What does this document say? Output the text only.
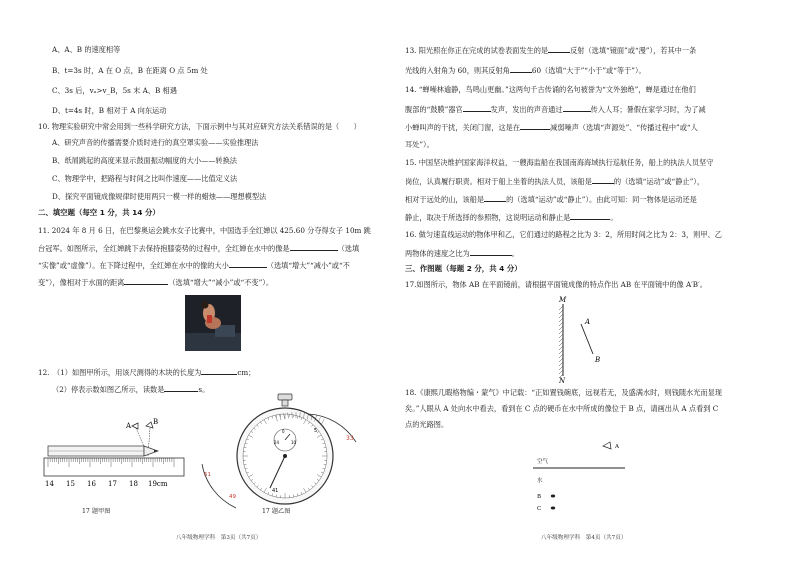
A、A、B 的速度相等
B、t=3s 时，A 在 O 点，B 在距离 O 点 5m 处
C、3s 后，vₐ>v_B，5s 末 A、B 相遇
D、t=4s 时，B 相对于 A 向东运动
10. 物理实验研究中常会用到一些科学研究方法，下面示例中与其对应研究方法关系错误的是（　　）
A、研究声音的传播需要介质时进行的真空罩实验——实验推理法
B、纸屑跳起的高度来显示鼓面振动幅度的大小——转换法
C、物理学中，把路程与时间之比叫作速度——比值定义法
D、探究平面镜成像规律时使用两只一模一样的蜡烛——理想模型法
二、填空题（每空 1 分，共 14 分）
11. 2024 年 8 月 6 日，在巴黎奥运会跳水女子比赛中，中国选手全红婵以 425.60 分夺得女子 10m 跳
台冠军。如图所示，全红婵跳下去保持抱膝姿势的过程中，全红婵在水中的像是	（选填
“实像”或“虚像”）。在下降过程中，全红婵在水中的像的大小	（选填“增大”“减小”或“不
变”），像相对于水面的距离	（选填“增大”“减小”或“不变”）。
12.　（1）如图甲所示，用该尺测得的木块的长度为	cm；
（2）停表示数如图乙所示，读数是	s。
A	B
14 15 16 17 18 19cm
0
10
24
33
51
49
41
5
17 题甲图	17 题乙图
八年级物理学科　第3页（共7页）
13. 阳光照在你正在完成的试卷表面发生的是	反射（选填“镜面”或“漫”），若其中一条
光线的入射角为 60，则其反射角	60（选填“大于”“小于”或“等于”）。
14. “蝉噪林逾静，鸟鸣山更幽。”这两句千古传诵的名句被誉为“文外独绝”，蝉是通过在他们
腹部的“鼓膜”器官	发声，发出的声音通过	传入人耳；暑假在家学习时，为了减
小蝉叫声的干扰，关闭门窗，这是在	减弱噪声（选填“声源处”、“传播过程中”或“人
耳处”）。
15. 中国坚决维护国家海洋权益，一艘海监船在我国南海海域执行巡航任务，船上的执法人员坚守
岗位，认真履行职责。相对于船上坐着的执法人员，该船是	的（选填“运动”或“静止”），
相对于远处的山，该船是	的（选填“运动”或“静止”）。由此可知：同一物体是运动还是
静止，取决于所选择的参照物，这说明运动和静止是	。
16. 做匀速直线运动的物体甲和乙，它们通过的路程之比为 3：2，所用时间之比为 2：3，则甲、乙
两物体的速度之比为	。
三、作图题（每题 2 分，共 4 分）
17.如图所示，物体 AB 在平面镜前，请根据平面镜成像的特点作出 AB 在平面镜中的像 A′B′。
M
N
A
B
18.《康熙几暇格物编・蒙气》中记载：“正如置钱碗底，远视若无，及盛满水时，则钱随水光而显现
矣。”人眼从 A 处向水中看去，看到在 C 点的硬币在水中所成的像位于 B 点，请画出从 A 点看到 C
点的光路图。
A
空气
水
B
C
八年级物理学科　第4页（共7页）
